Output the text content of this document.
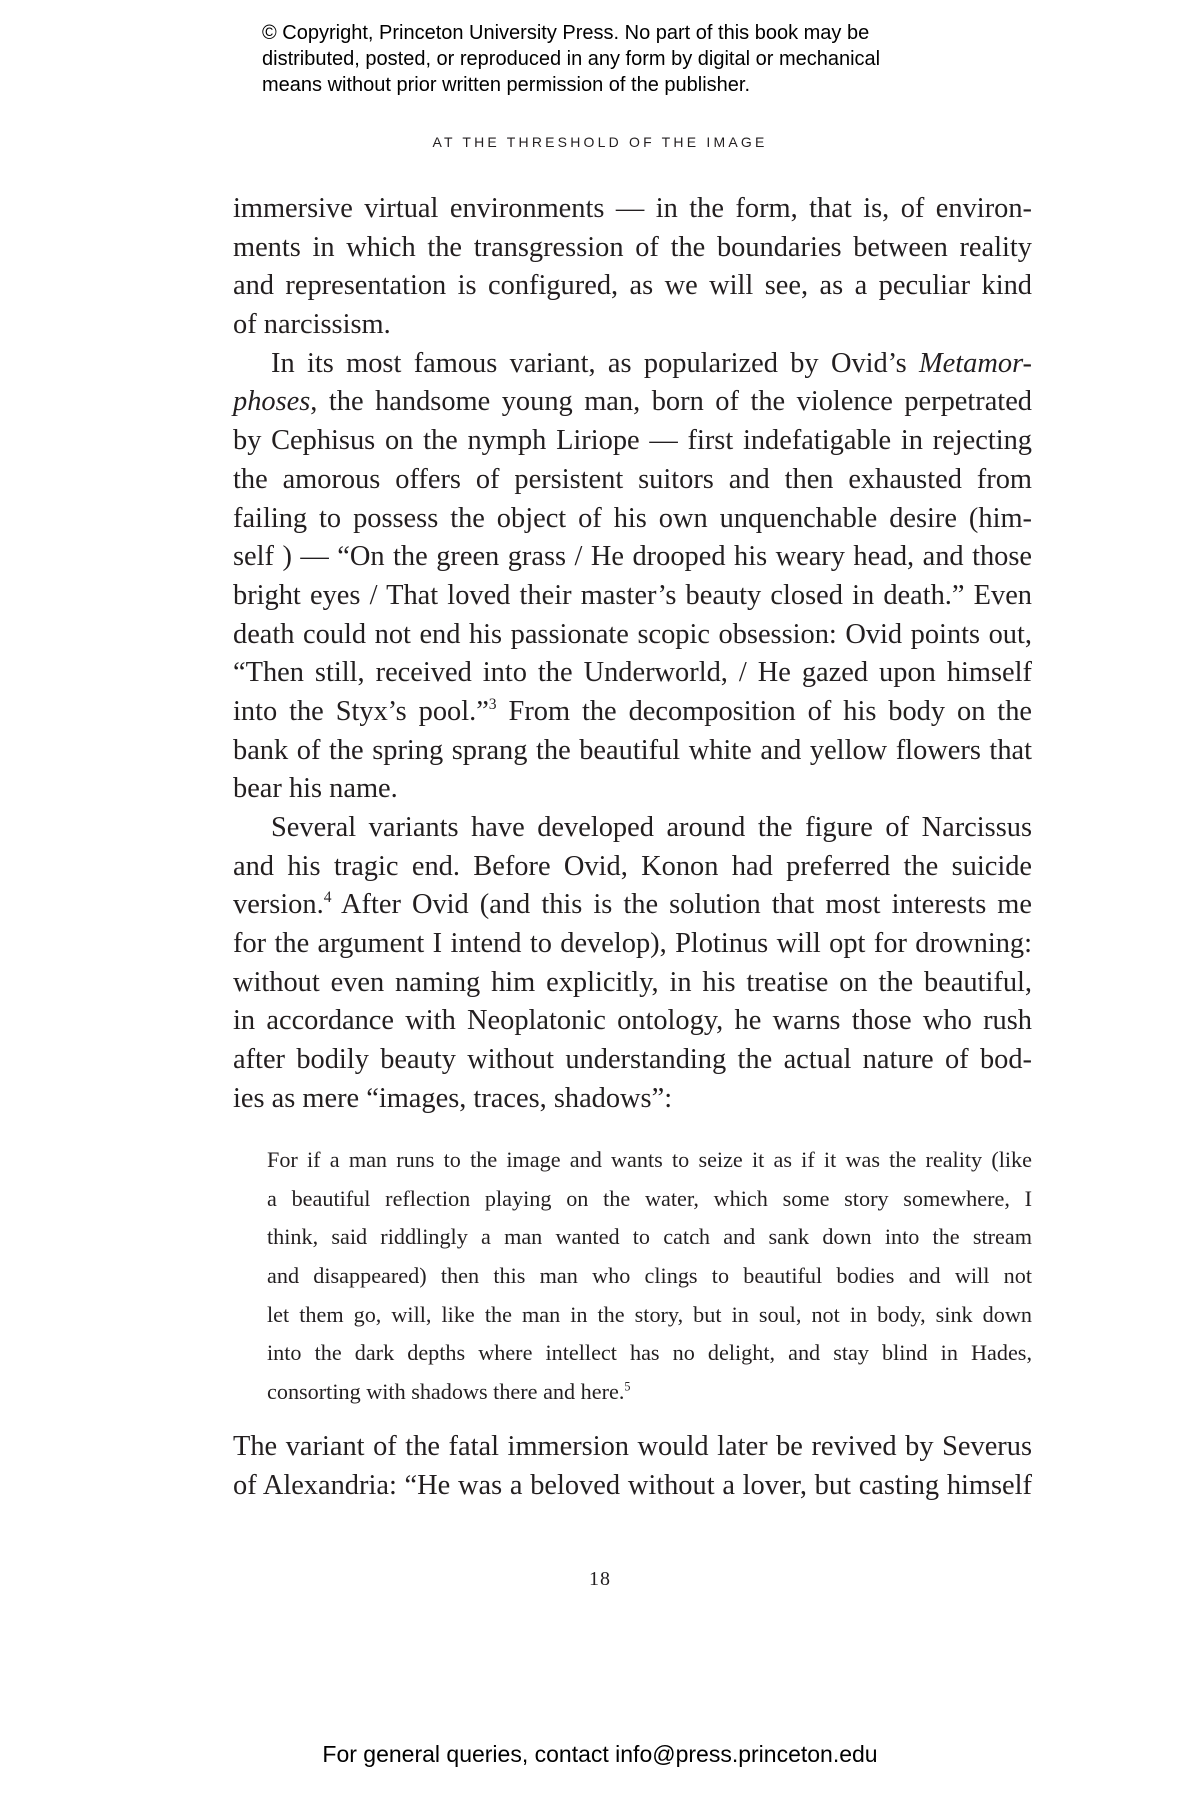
© Copyright, Princeton University Press. No part of this book may be
distributed, posted, or reproduced in any form by digital or mechanical
means without prior written permission of the publisher.
AT THE THRESHOLD OF THE IMAGE
immersive virtual environments — in the form, that is, of environ-
ments in which the transgression of the boundaries between reality
and representation is configured, as we will see, as a peculiar kind
of narcissism.
In its most famous variant, as popularized by Ovid’s Metamor-
phoses, the handsome young man, born of the violence perpetrated
by Cephisus on the nymph Liriope — first indefatigable in rejecting
the amorous offers of persistent suitors and then exhausted from
failing to possess the object of his own unquenchable desire (him-
self ) — “On the green grass / He drooped his weary head, and those
bright eyes / That loved their master’s beauty closed in death.” Even
death could not end his passionate scopic obsession: Ovid points out,
“Then still, received into the Underworld, / He gazed upon himself
into the Styx’s pool.”$^3$ From the decomposition of his body on the
bank of the spring sprang the beautiful white and yellow flowers that
bear his name.
Several variants have developed around the figure of Narcissus
and his tragic end. Before Ovid, Konon had preferred the suicide
version.$^4$ After Ovid (and this is the solution that most interests me
for the argument I intend to develop), Plotinus will opt for drowning:
without even naming him explicitly, in his treatise on the beautiful,
in accordance with Neoplatonic ontology, he warns those who rush
after bodily beauty without understanding the actual nature of bod-
ies as mere “images, traces, shadows”:
For if a man runs to the image and wants to seize it as if it was the reality (like
a beautiful reflection playing on the water, which some story somewhere, I
think, said riddlingly a man wanted to catch and sank down into the stream
and disappeared) then this man who clings to beautiful bodies and will not
let them go, will, like the man in the story, but in soul, not in body, sink down
into the dark depths where intellect has no delight, and stay blind in Hades,
consorting with shadows there and here.$^5$
The variant of the fatal immersion would later be revived by Severus
of Alexandria: “He was a beloved without a lover, but casting himself
18
For general queries, contact info@press.princeton.edu
